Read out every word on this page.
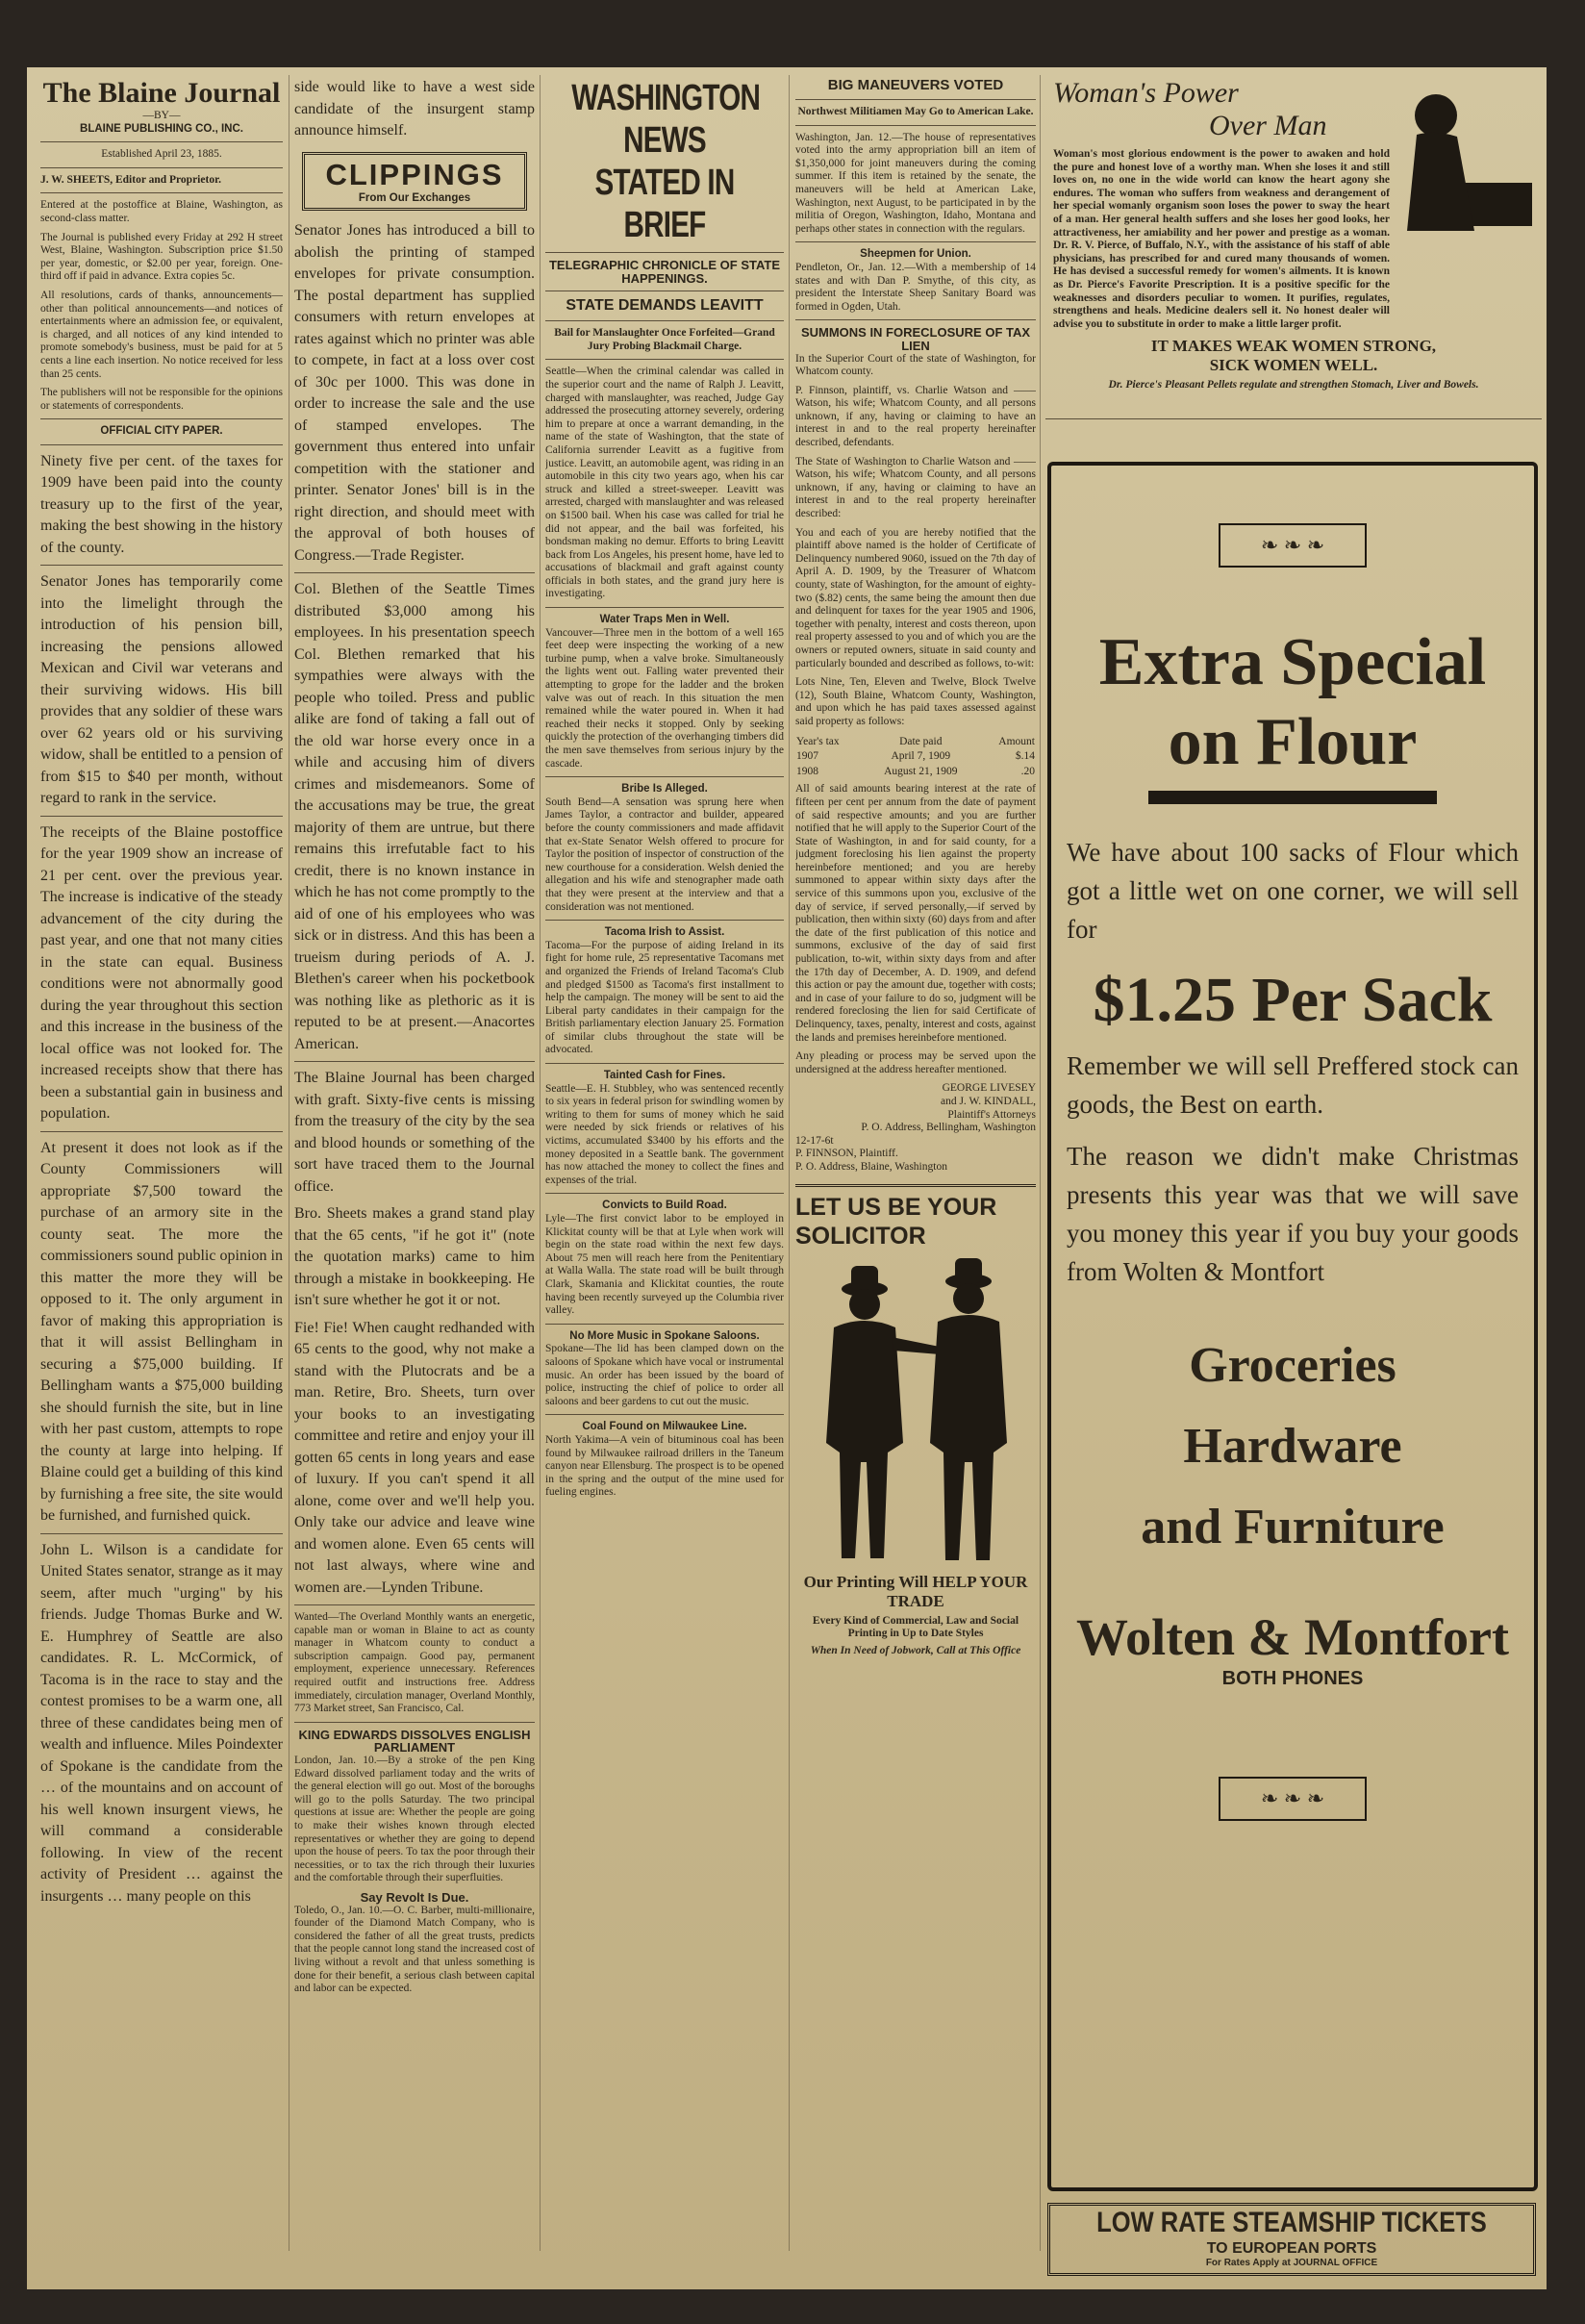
The Blaine Journal
—BY—
BLAINE PUBLISHING CO., INC.
Established April 23, 1885.
J. W. SHEETS, Editor and Proprietor.

Entered at the postoffice at Blaine, Washington, as second-class matter.

The Journal is published every Friday at 292 H street West, Blaine, Washington. Subscription price $1.50 per year, domestic, or $2.00 per year, foreign. One-third off if paid in advance. Extra copies 5c.

All resolutions, cards of thanks, announcements—other than political announcements—and notices of entertainments where an admission fee, or equivalent, is charged, and all notices of any kind intended to promote somebody's business, must be paid for at 5 cents a line each insertion. No notice received for less than 25 cents.

The publishers will not be responsible for the opinions or statements of correspondents.

OFFICIAL CITY PAPER.

Ninety five per cent. of the taxes for 1909 have been paid into the county treasury up to the first of the year, making the best showing in the history of the county.

Senator Jones has temporarily come into the limelight through the introduction of his pension bill, increasing the pensions allowed Mexican and Civil war veterans and their surviving widows. His bill provides that any soldier of these wars over 62 years old or his surviving widow, shall be entitled to a pension of from $15 to $40 per month, without regard to rank in the service.

The receipts of the Blaine postoffice for the year 1909 show an increase of 21 per cent. over the previous year. The increase is indicative of the steady advancement of the city during the past year, and one that not many cities in the state can equal. Business conditions were not abnormally good during the year throughout this section and this increase in the business of the local office was not looked for. The increased receipts show that there has been a substantial gain in business and population.

At present it does not look as if the County Commissioners will appropriate $7,500 toward the purchase of an armory site in the county seat. The more the commissioners sound public opinion in this matter the more they will be opposed to it. The only argument in favor of making this appropriation is that it will assist Bellingham in securing a $75,000 building. If Bellingham wants a $75,000 building she should furnish the site, but in line with her past custom, attempts to rope the county at large into helping. If Blaine could get a building of this kind by furnishing a free site, the site would be furnished, and furnished quick.

John L. Wilson is a candidate for United States senator, strange as it may seem, after much "urging" by his friends. Judge Thomas Burke and W. E. Humphrey of Seattle are also candidates. R. L. McCormick, of Tacoma is in the race to stay and the contest promises to be a warm one, all three of these candidates being men of wealth and influence. Miles Poindexter of Spokane is the candidate from the … of the mountains and on account of his well known insurgent views, he will command a considerable following. In view of the recent activity of President … against the insurgents … many people on this

side would like to have a west side candidate of the insurgent stamp announce himself.

CLIPPINGS
From Our Exchanges

Senator Jones has introduced a bill to abolish the printing of stamped envelopes for private consumption. The postal department has supplied consumers with return envelopes at rates against which no printer was able to compete, in fact at a loss over cost of 30c per 1000. This was done in order to increase the sale and the use of stamped envelopes. The government thus entered into unfair competition with the stationer and printer. Senator Jones' bill is in the right direction, and should meet with the approval of both houses of Congress.—Trade Register.

Col. Blethen of the Seattle Times distributed $3,000 among his employees. In his presentation speech Col. Blethen remarked that his sympathies were always with the people who toiled. Press and public alike are fond of taking a fall out of the old war horse every once in a while and accusing him of divers crimes and misdemeanors. Some of the accusations may be true, the great majority of them are untrue, but there remains this irrefutable fact to his credit, there is no known instance in which he has not come promptly to the aid of one of his employees who was sick or in distress. And this has been a trueism during periods of A. J. Blethen's career when his pocketbook was nothing like as plethoric as it is reputed to be at present.—Anacortes American.

The Blaine Journal has been charged with graft. Sixty-five cents is missing from the treasury of the city by the sea and blood hounds or something of the sort have traced them to the Journal office.

Bro. Sheets makes a grand stand play that the 65 cents, "if he got it" (note the quotation marks) came to him through a mistake in bookkeeping. He isn't sure whether he got it or not.

Fie! Fie! When caught redhanded with 65 cents to the good, why not make a stand with the Plutocrats and be a man. Retire, Bro. Sheets, turn over your books to an investigating committee and retire and enjoy your ill gotten 65 cents in long years and ease of luxury. If you can't spend it all alone, come over and we'll help you. Only take our advice and leave wine and women alone. Even 65 cents will not last always, where wine and women are.—Lynden Tribune.

Wanted—The Overland Monthly wants an energetic, capable man or woman in Blaine to act as county manager in Whatcom county to conduct a subscription campaign. Good pay, permanent employment, experience unnecessary. References required outfit and instructions free. Address immediately, circulation manager, Overland Monthly, 773 Market street, San Francisco, Cal.

KING EDWARDS DISSOLVES ENGLISH PARLIAMENT

London, Jan. 10.—By a stroke of the pen King Edward dissolved parliament today and the writs of the general election will go out. Most of the boroughs will go to the polls Saturday. The two principal questions at issue are: Whether the people are going to make their wishes known through elected representatives or whether they are going to depend upon the house of peers. To tax the poor through their necessities, or to tax the rich through their luxuries and the comfortable through their superfluities.

Say Revolt Is Due.

Toledo, O., Jan. 10.—O. C. Barber, multi-millionaire, founder of the Diamond Match Company, who is considered the father of all the great trusts, predicts that the people cannot long stand the increased cost of living without a revolt and that unless something is done for their benefit, a serious clash between capital and labor can be expected.

WASHINGTON NEWS
STATED IN BRIEF
TELEGRAPHIC CHRONICLE OF STATE HAPPENINGS.
STATE DEMANDS LEAVITT
Bail for Manslaughter Once Forfeited—Grand Jury Probing Blackmail Charge.

Seattle—When the criminal calendar was called in the superior court and the name of Ralph J. Leavitt, charged with manslaughter, was reached, Judge Gay addressed the prosecuting attorney severely, ordering him to prepare at once a warrant demanding, in the name of the state of Washington, that the state of California surrender Leavitt as a fugitive from justice. Leavitt, an automobile agent, was riding in an automobile in this city two years ago, when his car struck and killed a street-sweeper. Leavitt was arrested, charged with manslaughter and was released on $1500 bail. When his case was called for trial he did not appear, and the bail was forfeited, his bondsman making no demur. Efforts to bring Leavitt back from Los Angeles, his present home, have led to accusations of blackmail and graft against county officials in both states, and the grand jury here is investigating.

Water Traps Men in Well.

Vancouver—Three men in the bottom of a well 165 feet deep were inspecting the working of a new turbine pump, when a valve broke. Simultaneously the lights went out. Falling water prevented their attempting to grope for the ladder and the broken valve was out of reach. In this situation the men remained while the water poured in. When it had reached their necks it stopped. Only by seeking quickly the protection of the overhanging timbers did the men save themselves from serious injury by the cascade.

Bribe Is Alleged.

South Bend—A sensation was sprung here when James Taylor, a contractor and builder, appeared before the county commissioners and made affidavit that ex-State Senator Welsh offered to procure for Taylor the position of inspector of construction of the new courthouse for a consideration. Welsh denied the allegation and his wife and stenographer made oath that they were present at the interview and that a consideration was not mentioned.

Tacoma Irish to Assist.

Tacoma—For the purpose of aiding Ireland in its fight for home rule, 25 representative Tacomans met and organized the Friends of Ireland Tacoma's Club and pledged $1500 as Tacoma's first installment to help the campaign. The money will be sent to aid the Liberal party candidates in their campaign for the British parliamentary election January 25. Formation of similar clubs throughout the state will be advocated.

Tainted Cash for Fines.

Seattle—E. H. Stubbley, who was sentenced recently to six years in federal prison for swindling women by writing to them for sums of money which he said were needed by sick friends or relatives of his victims, accumulated $3400 by his efforts and the money deposited in a Seattle bank. The government has now attached the money to collect the fines and expenses of the trial.

Convicts to Build Road.

Lyle—The first convict labor to be employed in Klickitat county will be that at Lyle when work will begin on the state road within the next few days. About 75 men will reach here from the Penitentiary at Walla Walla. The state road will be built through Clark, Skamania and Klickitat counties, the route having been recently surveyed up the Columbia river valley.

No More Music in Spokane Saloons.

Spokane—The lid has been clamped down on the saloons of Spokane which have vocal or instrumental music. An order has been issued by the board of police, instructing the chief of police to order all saloons and beer gardens to cut out the music.

Coal Found on Milwaukee Line.

North Yakima—A vein of bituminous coal has been found by Milwaukee railroad drillers in the Taneum canyon near Ellensburg. The prospect is to be opened in the spring and the output of the mine used for fueling engines.

BIG MANEUVERS VOTED
Northwest Militiamen May Go to American Lake.

Washington, Jan. 12.—The house of representatives voted into the army appropriation bill an item of $1,350,000 for joint maneuvers during the coming summer. If this item is retained by the senate, the maneuvers will be held at American Lake, Washington, next August, to be participated in by the militia of Oregon, Washington, Idaho, Montana and perhaps other states in connection with the regulars.

Sheepmen for Union.

Pendleton, Or., Jan. 12.—With a membership of 14 states and with Dan P. Smythe, of this city, as president the Interstate Sheep Sanitary Board was formed in Ogden, Utah.

SUMMONS IN FORECLOSURE OF TAX LIEN

In the Superior Court of the state of Washington, for Whatcom county.

P. Finnson, plaintiff, vs. Charlie Watson and —— Watson, his wife; Whatcom County, and all persons unknown, if any, having or claiming to have an interest in and to the real property hereinafter described, defendants.

The State of Washington to Charlie Watson and —— Watson, his wife; Whatcom County, and all persons unknown, if any, having or claiming to have an interest in and to the real property hereinafter described:

You and each of you are hereby notified that the plaintiff above named is the holder of Certificate of Delinquency numbered 9060, issued on the 7th day of April A. D. 1909, by the Treasurer of Whatcom county, state of Washington, for the amount of eighty-two ($.82) cents, the same being the amount then due and delinquent for taxes for the year 1905 and 1906, together with penalty, interest and costs thereon, upon real property assessed to you and of which you are the owners or reputed owners, situate in said county and particularly bounded and described as follows, to-wit:

Lots Nine, Ten, Eleven and Twelve, Block Twelve (12), South Blaine, Whatcom County, Washington, and upon which he has paid taxes assessed against said property as follows:

Year's tax	Date paid	Amount
1907	April 7, 1909	$.14
1908	August 21, 1909	.20

All of said amounts bearing interest at the rate of fifteen per cent per annum from the date of payment of said respective amounts; and you are further notified that he will apply to the Superior Court of the State of Washington, in and for said county, for a judgment foreclosing his lien against the property hereinbefore mentioned; and you are hereby summoned to appear within sixty days after the service of this summons upon you, exclusive of the day of service, if served personally,—if served by publication, then within sixty (60) days from and after the date of the first publication of this notice and summons, exclusive of the day of said first publication, to-wit, within sixty days from and after the 17th day of December, A. D. 1909, and defend this action or pay the amount due, together with costs; and in case of your failure to do so, judgment will be rendered foreclosing the lien for said Certificate of Delinquency, taxes, penalty, interest and costs, against the lands and premises hereinbefore mentioned.

Any pleading or process may be served upon the undersigned at the address hereafter mentioned.

GEORGE LIVESEY
and J. W. KINDALL,
Plaintiff's Attorneys
P. O. Address, Bellingham, Washington
12-17-6t
P. FINNSON, Plaintiff.
P. O. Address, Blaine, Washington
LET US BE YOUR SOLICITOR
Our Printing Will HELP YOUR TRADE
Every Kind of Commercial, Law and Social Printing in Up to Date Styles
When In Need of Jobwork, Call at This Office
Woman's Power
Over Man

Woman's most glorious endowment is the power to awaken and hold the pure and honest love of a worthy man. When she loses it and still loves on, no one in the wide world can know the heart agony she endures. The woman who suffers from weakness and derangement of her special womanly organism soon loses the power to sway the heart of a man. Her general health suffers and she loses her good looks, her attractiveness, her amiability and her power and prestige as a woman. Dr. R. V. Pierce, of Buffalo, N.Y., with the assistance of his staff of able physicians, has prescribed for and cured many thousands of women. He has devised a successful remedy for women's ailments. It is known as Dr. Pierce's Favorite Prescription. It is a positive specific for the weaknesses and disorders peculiar to women. It purifies, regulates, strengthens and heals. Medicine dealers sell it. No honest dealer will advise you to substitute in order to make a little larger profit.

IT MAKES WEAK WOMEN STRONG,
SICK WOMEN WELL.
Dr. Pierce's Pleasant Pellets regulate and strengthen Stomach, Liver and Bowels.
❧ ❧ ❧
Extra Special
on Flour

We have about 100 sacks of Flour which got a little wet on one corner, we will sell for

$1.25 Per Sack

Remember we will sell Preffered stock can goods, the Best on earth.

The reason we didn't make Christmas presents this year was that we will save you money this year if you buy your goods from Wolten & Montfort

Groceries
Hardware
and Furniture
Wolten & Montfort
BOTH PHONES
❧ ❧ ❧
LOW RATE STEAMSHIP TICKETS
TO EUROPEAN PORTS
For Rates Apply at JOURNAL OFFICE
